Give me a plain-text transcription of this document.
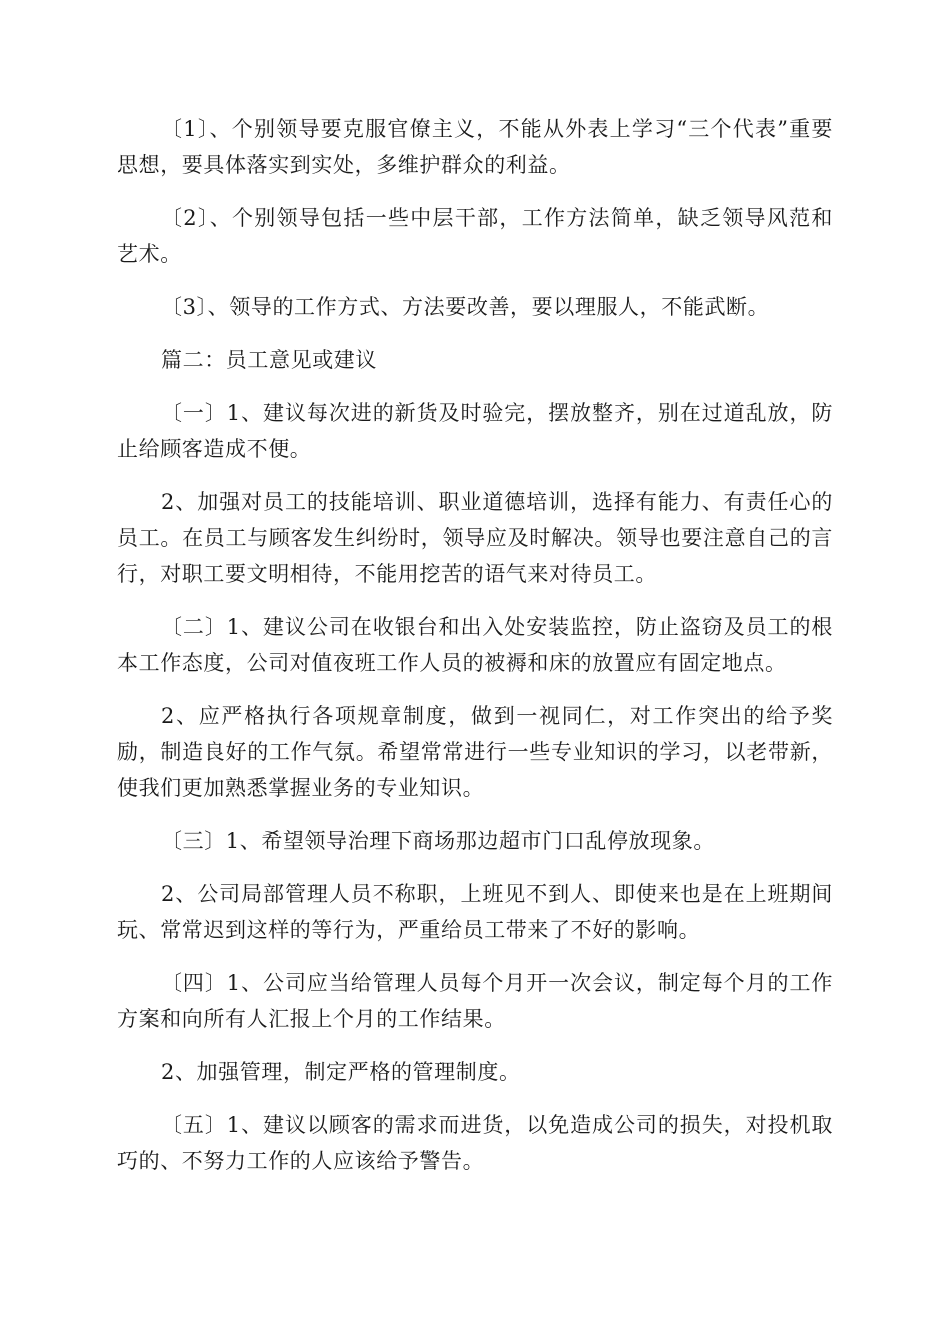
〔1〕、个别领导要克服官僚主义，不能从外表上学习“三个代表”重要思想，要具体落实到实处，多维护群众的利益。

〔2〕、个别领导包括一些中层干部，工作方法简单，缺乏领导风范和艺术。

〔3〕、领导的工作方式、方法要改善，要以理服人，不能武断。

篇二：员工意见或建议

〔一〕1、建议每次进的新货及时验完，摆放整齐，别在过道乱放，防止给顾客造成不便。

2、加强对员工的技能培训、职业道德培训，选择有能力、有责任心的员工。在员工与顾客发生纠纷时，领导应及时解决。领导也要注意自己的言行，对职工要文明相待，不能用挖苦的语气来对待员工。

〔二〕1、建议公司在收银台和出入处安装监控，防止盗窃及员工的根本工作态度，公司对值夜班工作人员的被褥和床的放置应有固定地点。

2、应严格执行各项规章制度，做到一视同仁，对工作突出的给予奖励，制造良好的工作气氛。希望常常进行一些专业知识的学习，以老带新，使我们更加熟悉掌握业务的专业知识。

〔三〕1、希望领导治理下商场那边超市门口乱停放现象。

2、公司局部管理人员不称职，上班见不到人、即使来也是在上班期间玩、常常迟到这样的等行为，严重给员工带来了不好的影响。

〔四〕1、公司应当给管理人员每个月开一次会议，制定每个月的工作方案和向所有人汇报上个月的工作结果。

2、加强管理，制定严格的管理制度。

〔五〕1、建议以顾客的需求而进货，以免造成公司的损失，对投机取巧的、不努力工作的人应该给予警告。
